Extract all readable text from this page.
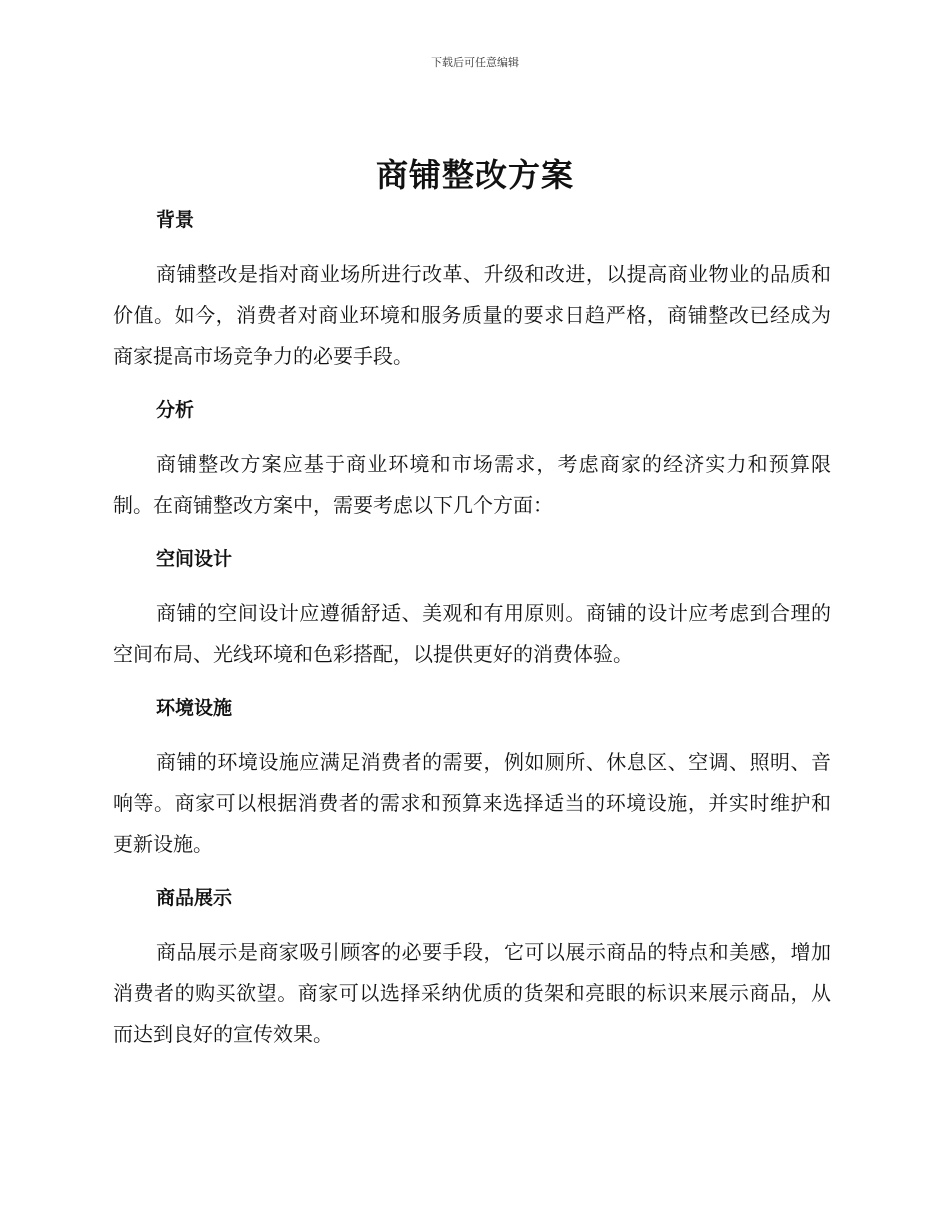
下载后可任意编辑
商铺整改方案
背景

商铺整改是指对商业场所进行改革、升级和改进，以提高商业物业的品质和价值。如今，消费者对商业环境和服务质量的要求日趋严格，商铺整改已经成为商家提高市场竞争力的必要手段。

分析

商铺整改方案应基于商业环境和市场需求，考虑商家的经济实力和预算限制。在商铺整改方案中，需要考虑以下几个方面：

空间设计

商铺的空间设计应遵循舒适、美观和有用原则。商铺的设计应考虑到合理的空间布局、光线环境和色彩搭配，以提供更好的消费体验。

环境设施

商铺的环境设施应满足消费者的需要，例如厕所、休息区、空调、照明、音响等。商家可以根据消费者的需求和预算来选择适当的环境设施，并实时维护和更新设施。

商品展示

商品展示是商家吸引顾客的必要手段，它可以展示商品的特点和美感，增加消费者的购买欲望。商家可以选择采纳优质的货架和亮眼的标识来展示商品，从而达到良好的宣传效果。
